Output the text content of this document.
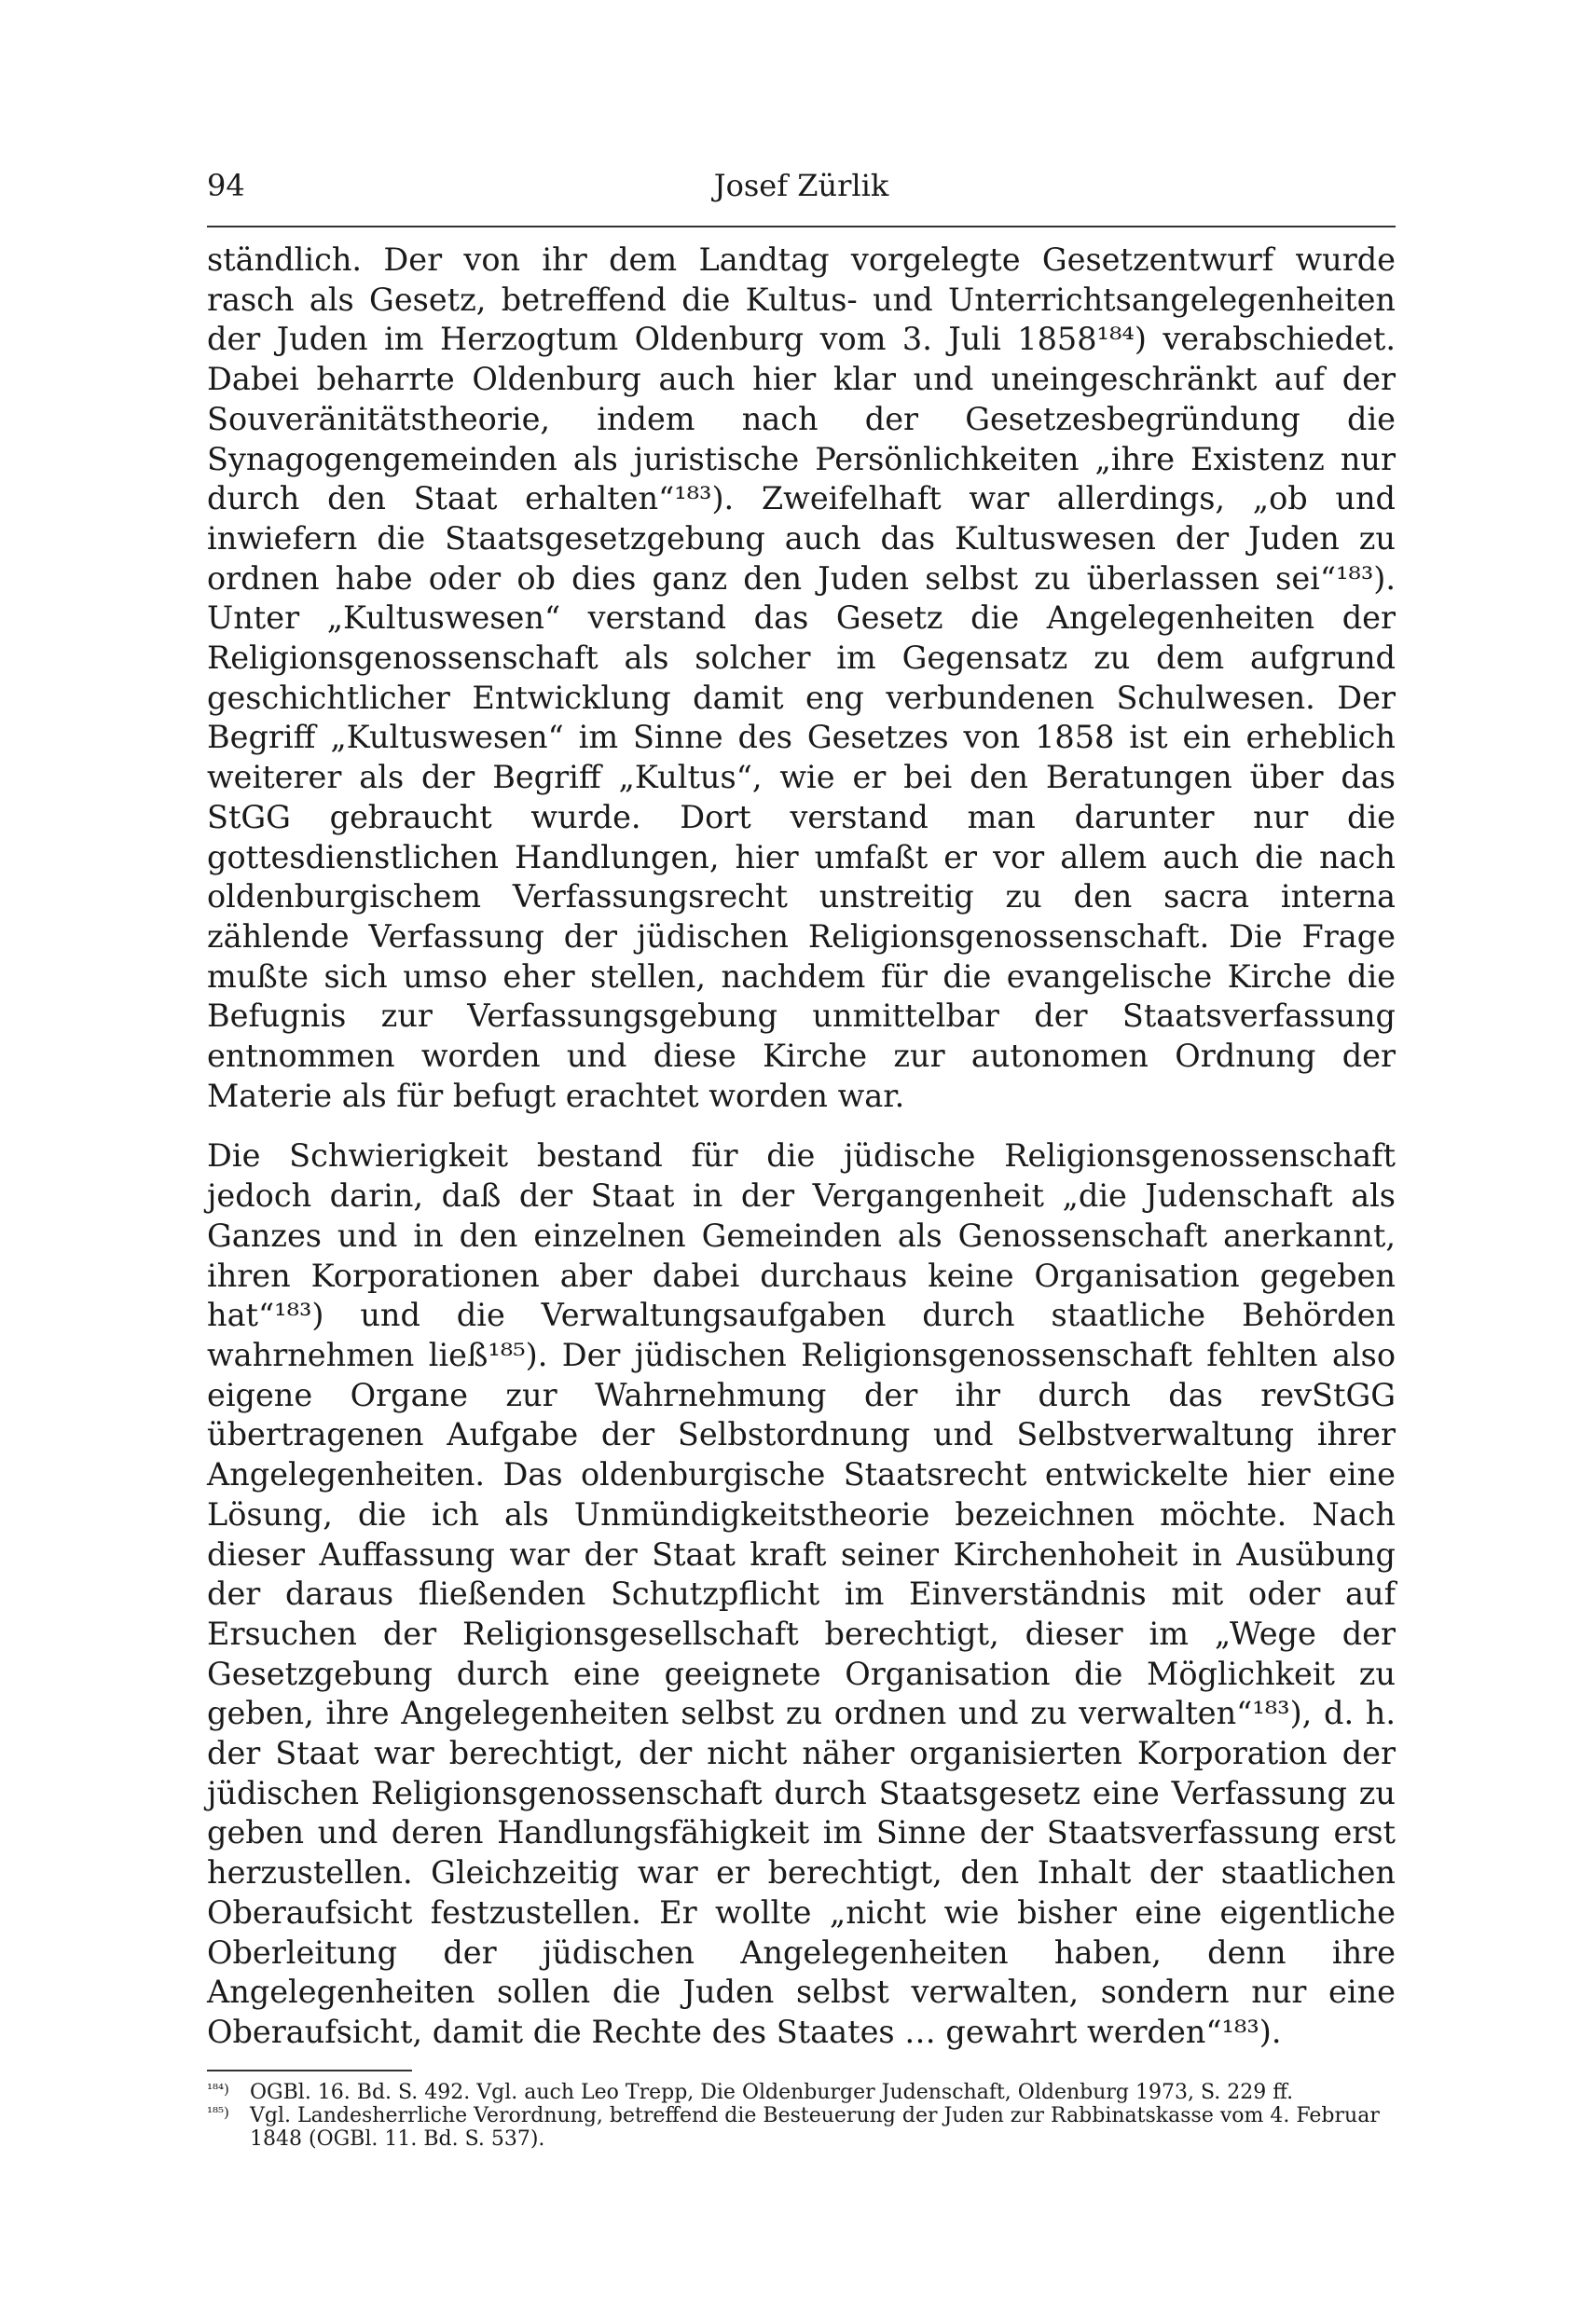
94	Josef Zürlik

ständlich. Der von ihr dem Landtag vorgelegte Gesetzentwurf wurde rasch als Gesetz, betreffend die Kultus- und Unterrichtsangelegenheiten der Juden im Herzogtum Oldenburg vom 3. Juli 1858¹⁸⁴) verabschiedet. Dabei beharrte Oldenburg auch hier klar und uneingeschränkt auf der Souveränitätstheorie, indem nach der Gesetzesbegründung die Synagogengemeinden als juristische Persönlichkeiten „ihre Existenz nur durch den Staat erhalten“¹⁸³). Zweifelhaft war allerdings, „ob und inwiefern die Staatsgesetzgebung auch das Kultuswesen der Juden zu ordnen habe oder ob dies ganz den Juden selbst zu überlassen sei“¹⁸³). Unter „Kultuswesen“ verstand das Gesetz die Angelegenheiten der Religionsgenossenschaft als solcher im Gegensatz zu dem aufgrund geschichtlicher Entwicklung damit eng verbundenen Schulwesen. Der Begriff „Kultuswesen“ im Sinne des Gesetzes von 1858 ist ein erheblich weiterer als der Begriff „Kultus“, wie er bei den Beratungen über das StGG gebraucht wurde. Dort verstand man darunter nur die gottesdienstlichen Handlungen, hier umfaßt er vor allem auch die nach oldenburgischem Verfassungsrecht unstreitig zu den sacra interna zählende Verfassung der jüdischen Religionsgenossenschaft. Die Frage mußte sich umso eher stellen, nachdem für die evangelische Kirche die Befugnis zur Verfassungsgebung unmittelbar der Staatsverfassung entnommen worden und diese Kirche zur autonomen Ordnung der Materie als für befugt erachtet worden war.

Die Schwierigkeit bestand für die jüdische Religionsgenossenschaft jedoch darin, daß der Staat in der Vergangenheit „die Judenschaft als Ganzes und in den einzelnen Gemeinden als Genossenschaft anerkannt, ihren Korporationen aber dabei durchaus keine Organisation gegeben hat“¹⁸³) und die Verwaltungsaufgaben durch staatliche Behörden wahrnehmen ließ¹⁸⁵). Der jüdischen Religionsgenossenschaft fehlten also eigene Organe zur Wahrnehmung der ihr durch das revStGG übertragenen Aufgabe der Selbstordnung und Selbstverwaltung ihrer Angelegenheiten. Das oldenburgische Staatsrecht entwickelte hier eine Lösung, die ich als Unmündigkeitstheorie bezeichnen möchte. Nach dieser Auffassung war der Staat kraft seiner Kirchenhoheit in Ausübung der daraus fließenden Schutzpflicht im Einverständnis mit oder auf Ersuchen der Religionsgesellschaft berechtigt, dieser im „Wege der Gesetzgebung durch eine geeignete Organisation die Möglichkeit zu geben, ihre Angelegenheiten selbst zu ordnen und zu verwalten“¹⁸³), d. h. der Staat war berechtigt, der nicht näher organisierten Korporation der jüdischen Religionsgenossenschaft durch Staatsgesetz eine Verfassung zu geben und deren Handlungsfähigkeit im Sinne der Staatsverfassung erst herzustellen. Gleichzeitig war er berechtigt, den Inhalt der staatlichen Oberaufsicht festzustellen. Er wollte „nicht wie bisher eine eigentliche Oberleitung der jüdischen Angelegenheiten haben, denn ihre Angelegenheiten sollen die Juden selbst verwalten, sondern nur eine Oberaufsicht, damit die Rechte des Staates … gewahrt werden“¹⁸³).

¹⁸⁴) OGBl. 16. Bd. S. 492. Vgl. auch Leo Trepp, Die Oldenburger Judenschaft, Oldenburg 1973, S. 229 ff.

¹⁸⁵) Vgl. Landesherrliche Verordnung, betreffend die Besteuerung der Juden zur Rabbinatskasse vom 4. Februar 1848 (OGBl. 11. Bd. S. 537).
